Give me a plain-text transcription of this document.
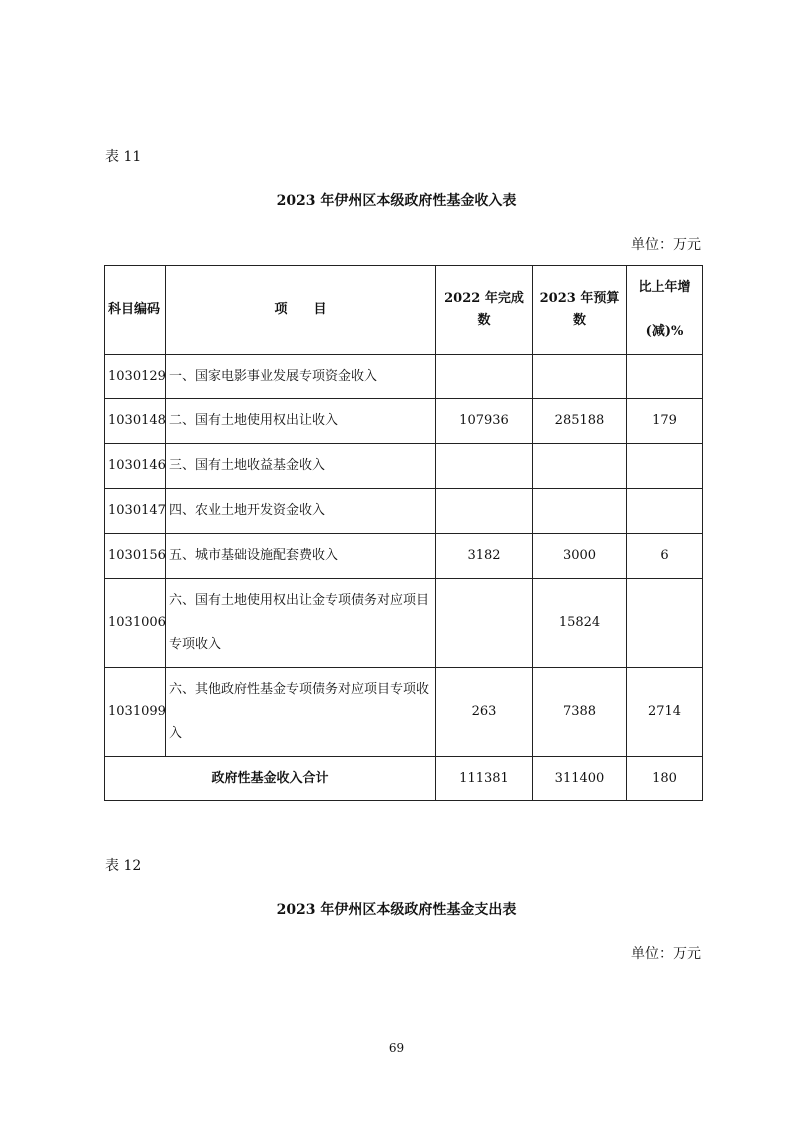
表 11
2023 年伊州区本级政府性基金收入表
单位：万元
科目编码	项　　目	2022 年完成数	2023 年预算数	比上年增(减)%
1030129	一、国家电影事业发展专项资金收入			
1030148	二、国有土地使用权出让收入	107936	285188	179
1030146	三、国有土地收益基金收入			
1030147	四、农业土地开发资金收入			
1030156	五、城市基础设施配套费收入	3182	3000	6
1031006	六、国有土地使用权出让金专项债务对应项目专项收入		15824	
1031099	六、其他政府性基金专项债务对应项目专项收入	263	7388	2714
政府性基金收入合计		111381	311400	180
表 12
2023 年伊州区本级政府性基金支出表
单位：万元
69
